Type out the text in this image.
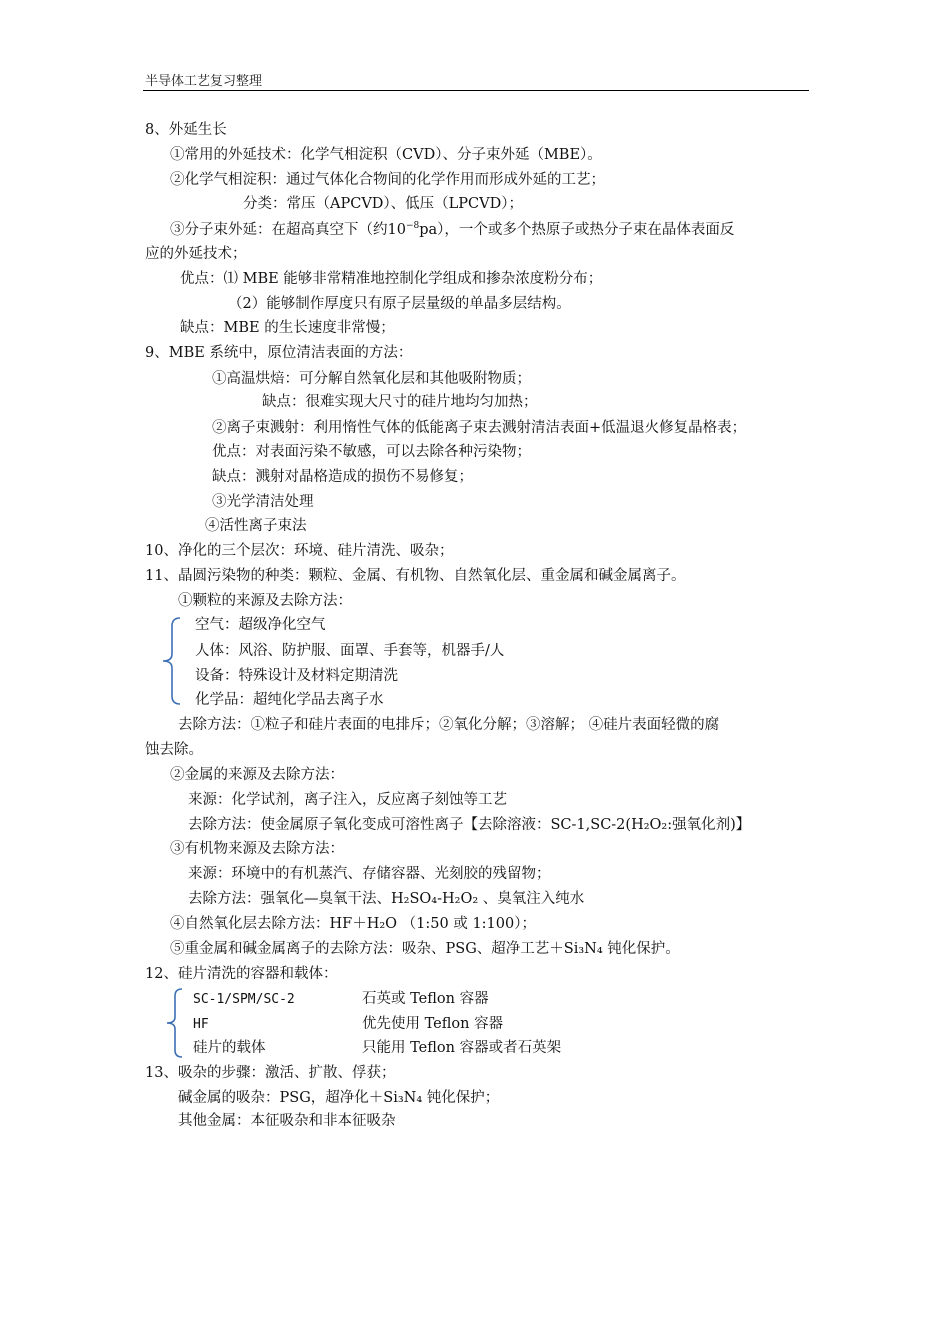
半导体工艺复习整理
8、外延生长
①常用的外延技术：化学气相淀积（CVD）、分子束外延（MBE）。
②化学气相淀积：通过气体化合物间的化学作用而形成外延的工艺；
分类：常压（APCVD）、低压（LPCVD）；
③分子束外延：在超高真空下（约$10^{-8}pa$），一个或多个热原子或热分子束在晶体表面反
应的外延技术；
优点：⑴ MBE 能够非常精准地控制化学组成和掺杂浓度粉分布；
（2）能够制作厚度只有原子层量级的单晶多层结构。
缺点：MBE 的生长速度非常慢；
9、MBE 系统中，原位清洁表面的方法：
①高温烘焙：可分解自然氧化层和其他吸附物质；
缺点：很难实现大尺寸的硅片地均匀加热；
②离子束溅射：利用惰性气体的低能离子束去溅射清洁表面+低温退火修复晶格表；
优点：对表面污染不敏感，可以去除各种污染物；
缺点：溅射对晶格造成的损伤不易修复；
③光学清洁处理
④活性离子束法
10、净化的三个层次：环境、硅片清洗、吸杂；
11、晶圆污染物的种类：颗粒、金属、有机物、自然氧化层、重金属和碱金属离子。
①颗粒的来源及去除方法：
空气：超级净化空气
人体：风浴、防护服、面罩、手套等，机器手/人
设备：特殊设计及材料定期清洗
化学品：超纯化学品去离子水
去除方法：①粒子和硅片表面的电排斥；②氧化分解；③溶解； ④硅片表面轻微的腐
蚀去除。
②金属的来源及去除方法：
来源：化学试剂，离子注入，反应离子刻蚀等工艺
去除方法：使金属原子氧化变成可溶性离子【去除溶液：SC-1,SC-2(H₂O₂:强氧化剂)】
③有机物来源及去除方法：
来源：环境中的有机蒸汽、存储容器、光刻胶的残留物；
去除方法：强氧化—臭氧干法、H₂SO₄-H₂O₂ 、臭氧注入纯水
④自然氧化层去除方法：HF＋H₂O （1:50 或 1:100）；
⑤重金属和碱金属离子的去除方法：吸杂、PSG、超净工艺＋Si₃N₄ 钝化保护。
12、硅片清洗的容器和载体：
SC-1/SPM/SC-2	石英或 Teflon 容器
HF	优先使用 Teflon 容器
硅片的载体	只能用 Teflon 容器或者石英架
13、吸杂的步骤：激活、扩散、俘获；
碱金属的吸杂：PSG，超净化＋Si₃N₄ 钝化保护；
其他金属：本征吸杂和非本征吸杂
